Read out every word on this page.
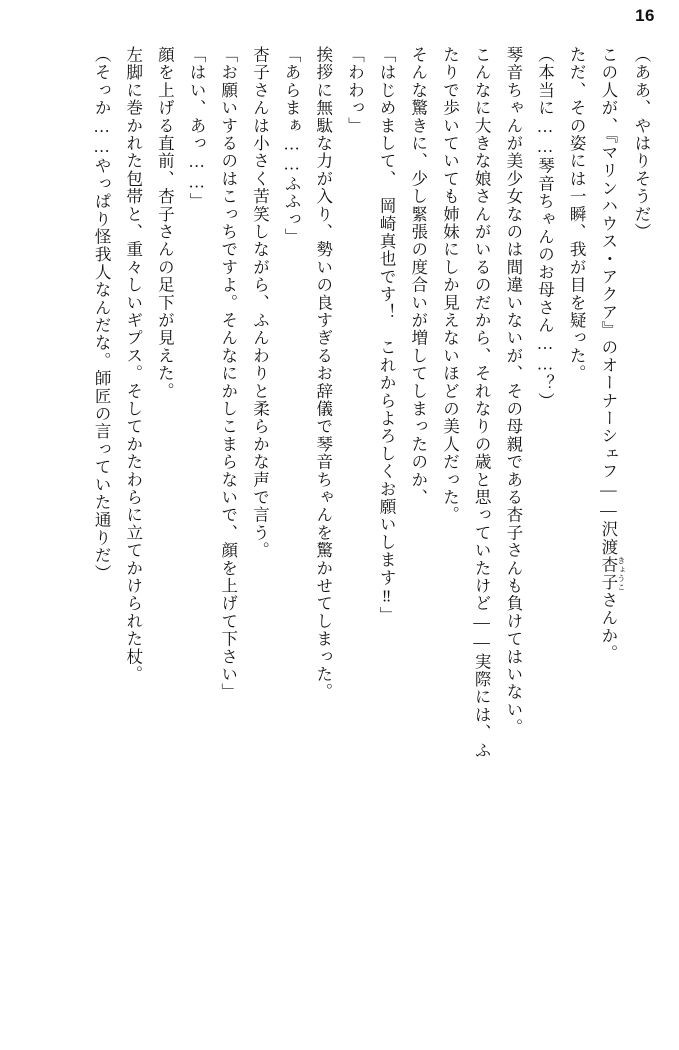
16
（ああ、やはりそうだ）
この人が、『マリンハウス・アクア』のオーナーシェフ――沢渡杏子 きょうこさんか。
ただ、その姿には一瞬、我が目を疑った。
（本当に……琴音ちゃんのお母さん……？）
琴音ちゃんが美少女なのは間違いないが、その母親である杏子さんも負けてはいない。
こんなに大きな娘さんがいるのだから、それなりの歳と思っていたけど――実際には、ふ
たりで歩いていても姉妹にしか見えないほどの美人だった。
そんな驚きに、少し緊張の度合いが増してしまったのか、
「はじめまして、　岡崎真也です！　これからよろしくお願いします‼」
「わわっ」
挨拶に無駄な力が入り、勢いの良すぎるお辞儀で琴音ちゃんを驚かせてしまった。
「あらまぁ……ふふっ」
杏子さんは小さく苦笑しながら、ふんわりと柔らかな声で言う。
「お願いするのはこっちですよ。そんなにかしこまらないで、顔を上げて下さい」
「はい、あっ……」
顔を上げる直前、杏子さんの足下が見えた。
左脚に巻かれた包帯と、重々しいギプス。そしてかたわらに立てかけられた杖。
（そっか……やっぱり怪我人なんだな。師匠の言っていた通りだ）
